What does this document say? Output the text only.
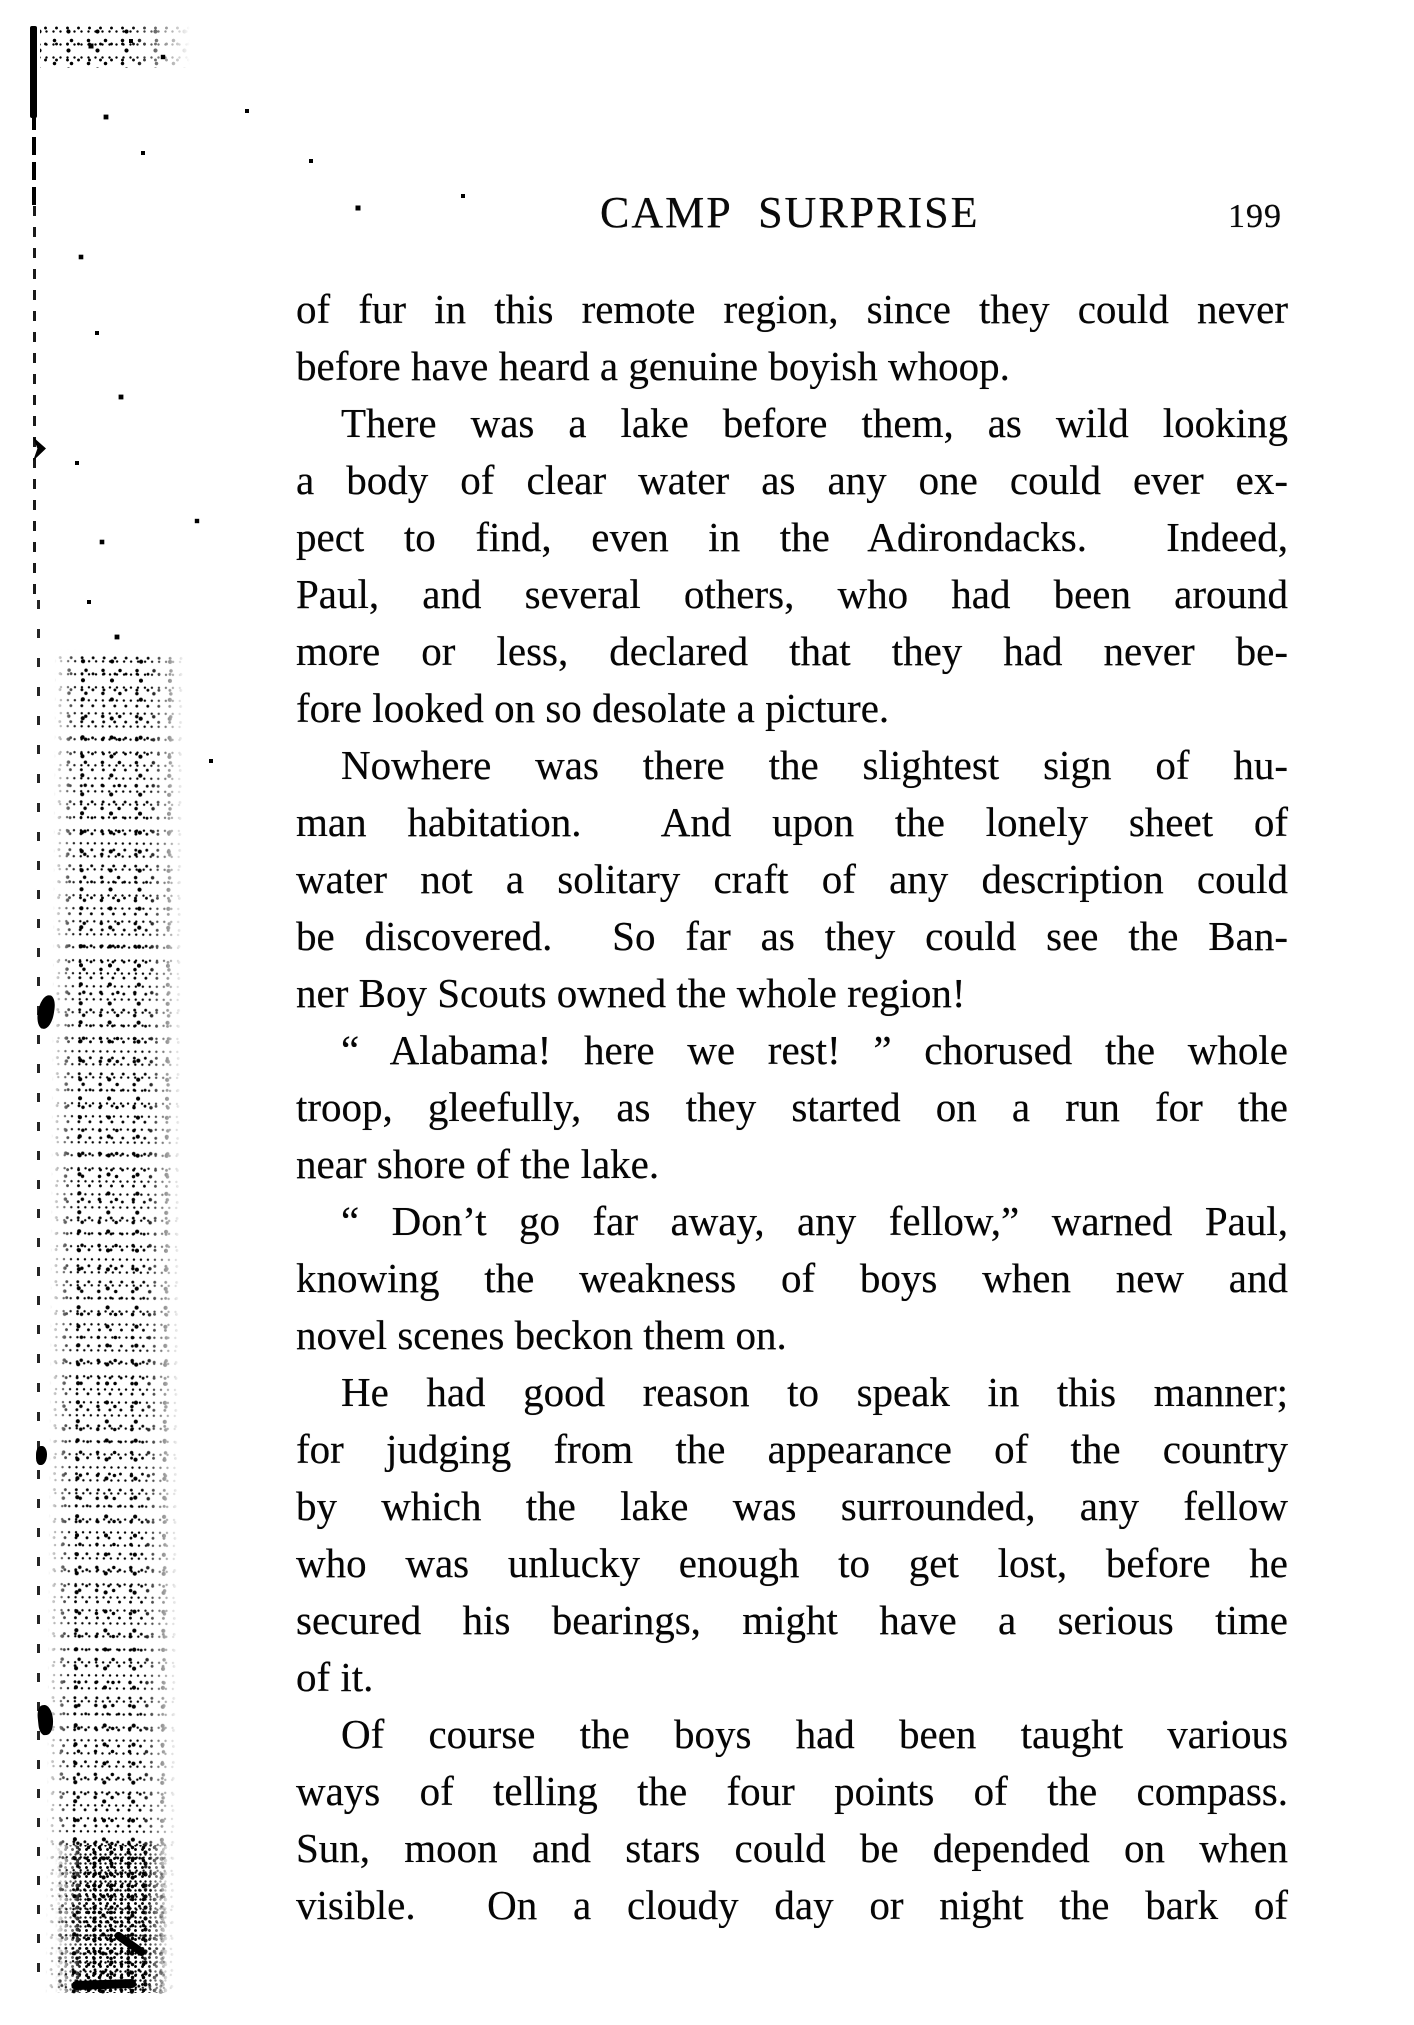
CAMP SURPRISE	199
of fur in this remote region, since they could never
before have heard a genuine boyish whoop.
There was a lake before them, as wild looking
a body of clear water as any one could ever ex-
pect to find, even in the Adirondacks.  Indeed,
Paul, and several others, who had been around
more or less, declared that they had never be-
fore looked on so desolate a picture.
Nowhere was there the slightest sign of hu-
man habitation.  And upon the lonely sheet of
water not a solitary craft of any description could
be discovered.  So far as they could see the Ban-
ner Boy Scouts owned the whole region!
“ Alabama! here we rest! ” chorused the whole
troop, gleefully, as they started on a run for the
near shore of the lake.
“ Don’t go far away, any fellow,” warned Paul,
knowing the weakness of boys when new and
novel scenes beckon them on.
He had good reason to speak in this manner;
for judging from the appearance of the country
by which the lake was surrounded, any fellow
who was unlucky enough to get lost, before he
secured his bearings, might have a serious time
of it.
Of course the boys had been taught various
ways of telling the four points of the compass.
Sun, moon and stars could be depended on when
visible.  On a cloudy day or night the bark of
